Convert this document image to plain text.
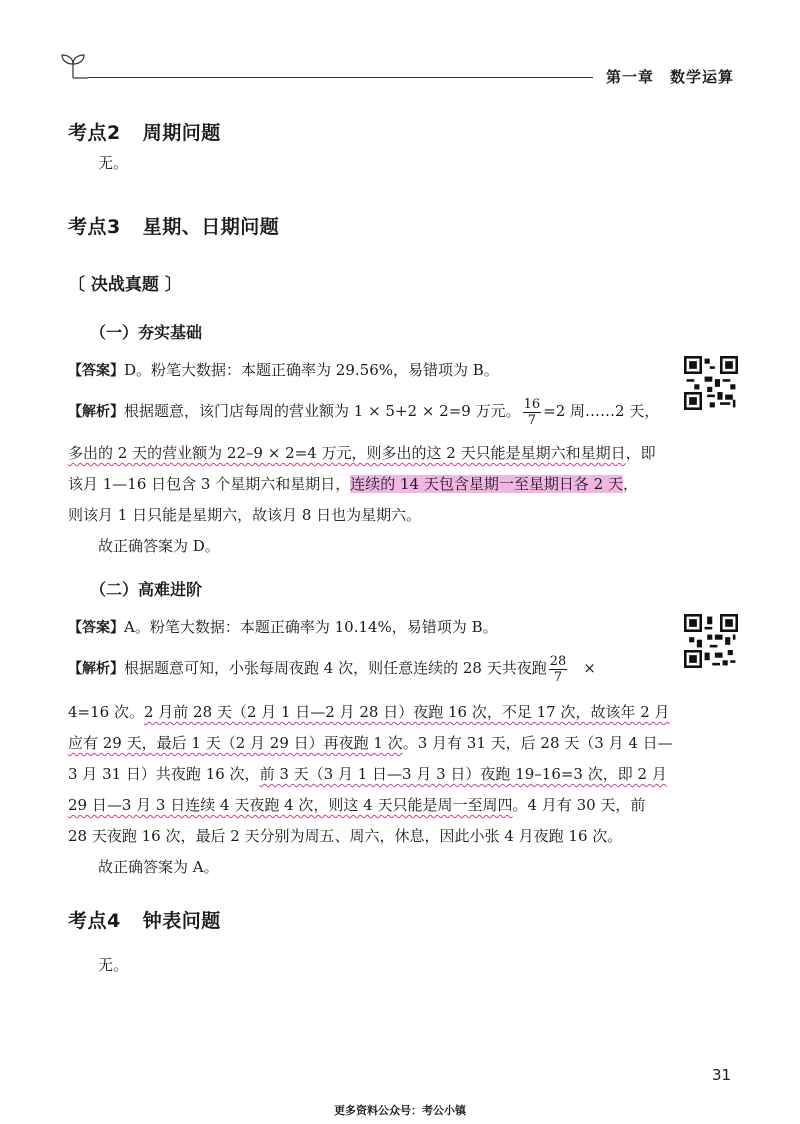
第一章　数学运算
考点2 周期问题
无。
考点3 星期、日期问题
〔 决战真题 〕
（一）夯实基础
【答案】D。粉笔大数据：本题正确率为 29.56%，易错项为 B。
【解析】根据题意，该门店每周的营业额为 1 × 5+2 × 2=9 万元。 $\frac{16}{7} =2$ 周……2 天，
多出的 2 天的营业额为 22–9 × 2=4 万元，则多出的这 2 天只能是星期六和星期日，即
该月 1—16 日包含 3 个星期六和星期日，连续的 14 天包含星期一至星期日各 2 天，
则该月 1 日只能是星期六，故该月 8 日也为星期六。
故正确答案为 D。
（二）高难进阶
【答案】A。粉笔大数据：本题正确率为 10.14%，易错项为 B。
【解析】根据题意可知，小张每周夜跑 4 次，则任意连续的 28 天共夜跑 $\frac{28}{7}$ ×
4=16 次。2 月前 28 天（2 月 1 日—2 月 28 日）夜跑 16 次，不足 17 次，故该年 2 月
应有 29 天，最后 1 天（2 月 29 日）再夜跑 1 次。3 月有 31 天，后 28 天（3 月 4 日—
3 月 31 日）共夜跑 16 次，前 3 天（3 月 1 日—3 月 3 日）夜跑 19–16=3 次，即 2 月
29 日—3 月 3 日连续 4 天夜跑 4 次，则这 4 天只能是周一至周四。4 月有 30 天，前
28 天夜跑 16 次，最后 2 天分别为周五、周六，休息，因此小张 4 月夜跑 16 次。
故正确答案为 A。
考点4 钟表问题
无。
31
更多资料公众号：考公小镇
